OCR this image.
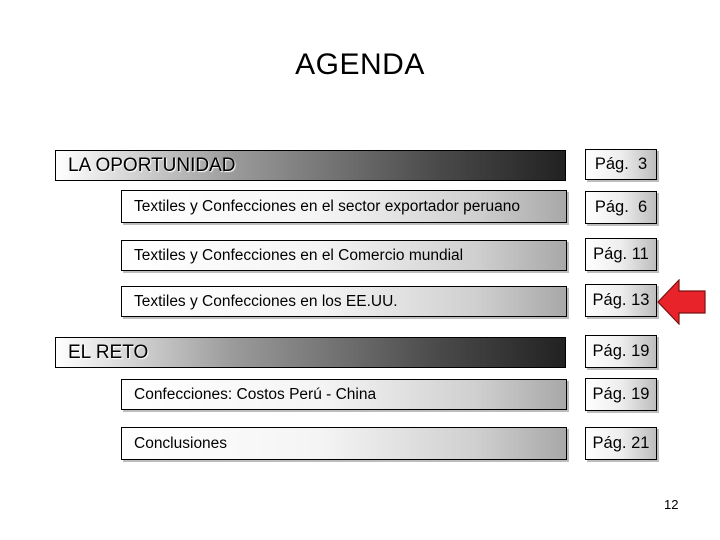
AGENDA
LA OPORTUNIDAD	Pág.  3
Textiles y Confecciones en el sector exportador peruano	Pág.  6
Textiles y Confecciones en el Comercio mundial	Pág. 11
Textiles y Confecciones en los EE.UU.	Pág. 13
EL RETO	Pág. 19
Confecciones: Costos Perú - China	Pág. 19
Conclusiones	Pág. 21
12
